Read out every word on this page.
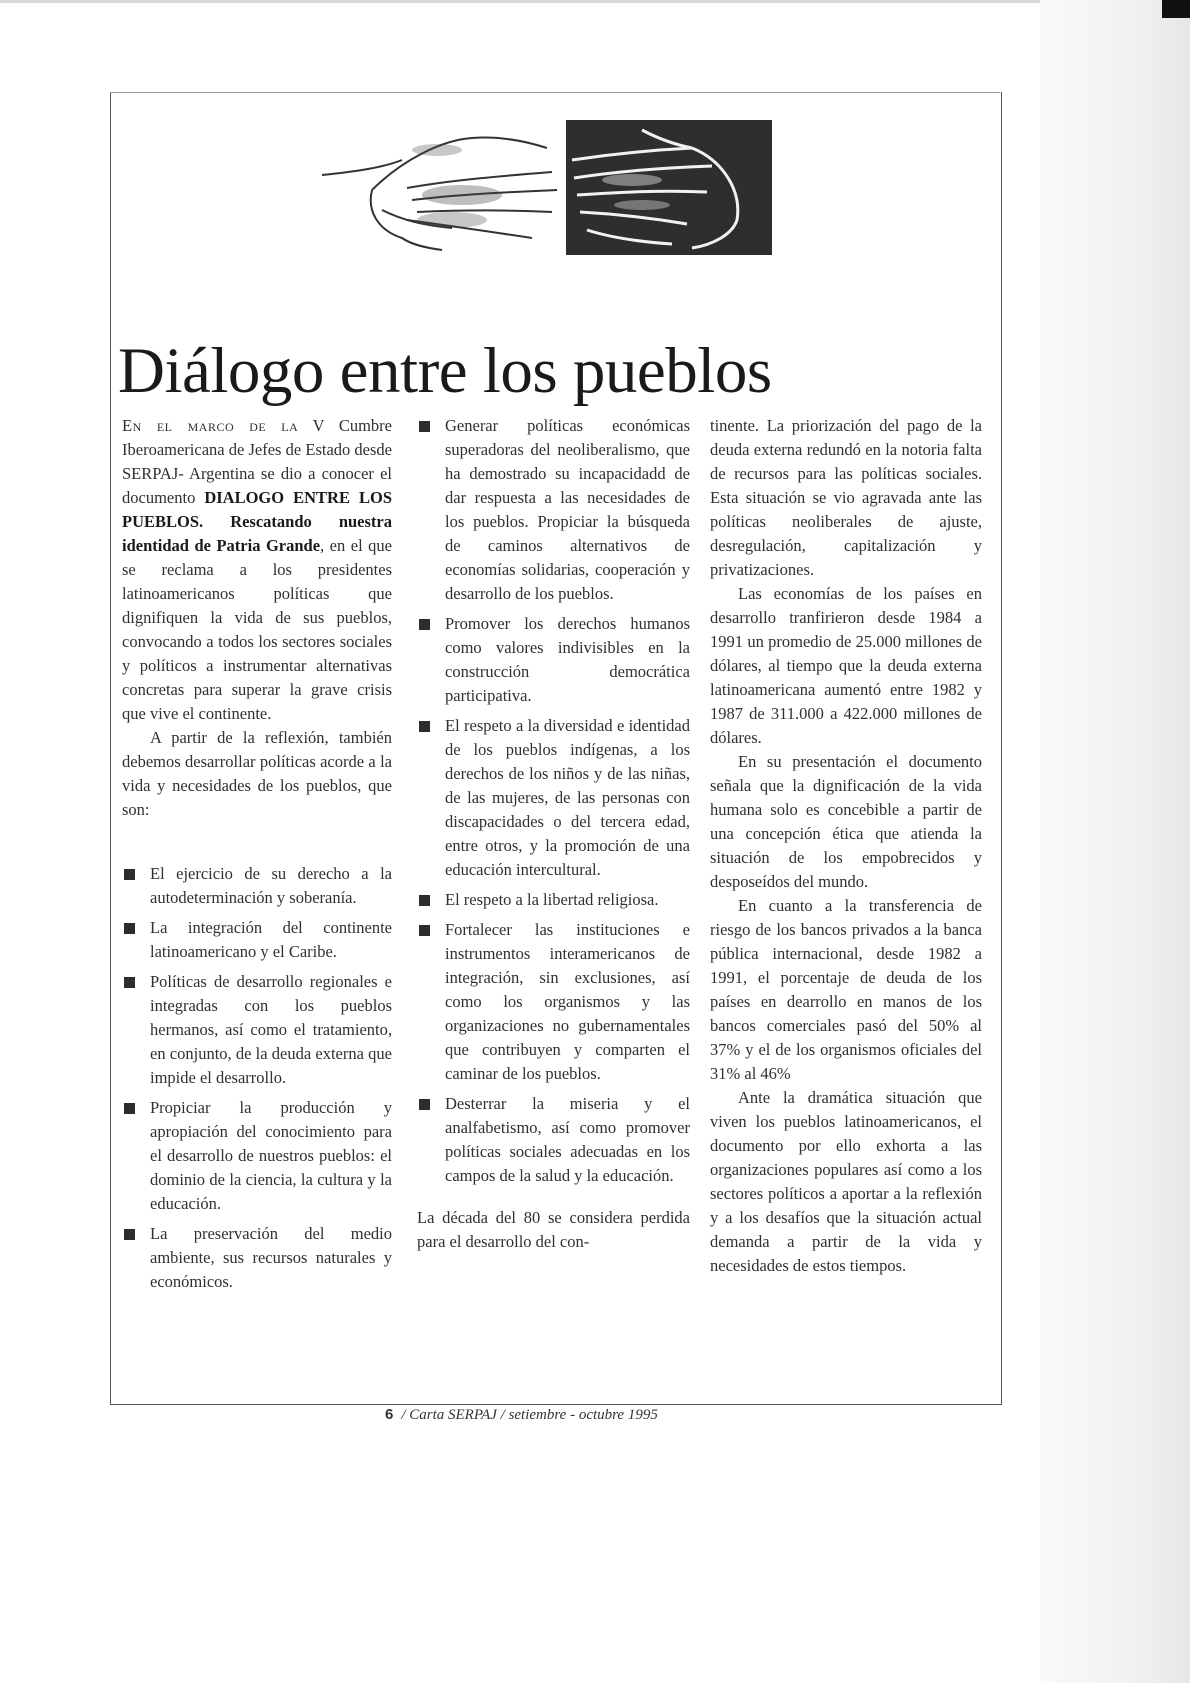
Diálogo entre los pueblos

En el marco de la V Cumbre Iberoamericana de Jefes de Estado desde SERPAJ- Argentina se dio a conocer el documento DIALOGO ENTRE LOS PUEBLOS. Rescatando nuestra identidad de Patria Grande, en el que se reclama a los presidentes latinoamericanos políticas que dignifiquen la vida de sus pueblos, convocando a todos los sectores sociales y políticos a instrumentar alternativas concretas para superar la grave crisis que vive el continente.

A partir de la reflexión, también debemos desarrollar políticas acorde a la vida y necesidades de los pueblos, que son:

El ejercicio de su derecho a la autodeterminación y soberanía.
La integración del continente latinoamericano y el Caribe.
Políticas de desarrollo regionales e integradas con los pueblos hermanos, así como el tratamiento, en conjunto, de la deuda externa que impide el desarrollo.
Propiciar la producción y apropiación del conocimiento para el desarrollo de nuestros pueblos: el dominio de la ciencia, la cultura y la educación.
La preservación del medio ambiente, sus recursos naturales y económicos.
Generar políticas económicas superadoras del neoliberalismo, que ha demostrado su incapacidadd de dar respuesta a las necesidades de los pueblos. Propiciar la búsqueda de caminos alternativos de economías solidarias, cooperación y desarrollo de los pueblos.
Promover los derechos humanos como valores indivisibles en la construcción democrática participativa.
El respeto a la diversidad e identidad de los pueblos indígenas, a los derechos de los niños y de las niñas, de las mujeres, de las personas con discapacidades o del tercera edad, entre otros, y la promoción de una educación intercultural.
El respeto a la libertad religiosa.
Fortalecer las instituciones e instrumentos interamericanos de integración, sin exclusiones, así como los organismos y las organizaciones no gubernamentales que contribuyen y comparten el caminar de los pueblos.
Desterrar la miseria y el analfabetismo, así como promover políticas sociales adecuadas en los campos de la salud y la educación.

La década del 80 se considera perdida para el desarrollo del con-

tinente. La priorización del pago de la deuda externa redundó en la notoria falta de recursos para las políticas sociales. Esta situación se vio agravada ante las políticas neoliberales de ajuste, desregulación, capitalización y privatizaciones.

Las economías de los países en desarrollo tranfirieron desde 1984 a 1991 un promedio de 25.000 millones de dólares, al tiempo que la deuda externa latinoamericana aumentó entre 1982 y 1987 de 311.000 a 422.000 millones de dólares.

En su presentación el documento señala que la dignificación de la vida humana solo es concebible a partir de una concepción ética que atienda la situación de los empobrecidos y desposeídos del mundo.

En cuanto a la transferencia de riesgo de los bancos privados a la banca pública internacional, desde 1982 a 1991, el porcentaje de deuda de los países en dearrollo en manos de los bancos comerciales pasó del 50% al 37% y el de los organismos oficiales del 31% al 46%

Ante la dramática situación que viven los pueblos latinoamericanos, el documento por ello exhorta a las organizaciones populares así como a los sectores políticos a aportar a la reflexión y a los desafíos que la situación actual demanda a partir de la vida y necesidades de estos tiempos.

6 / Carta SERPAJ / setiembre - octubre 1995
